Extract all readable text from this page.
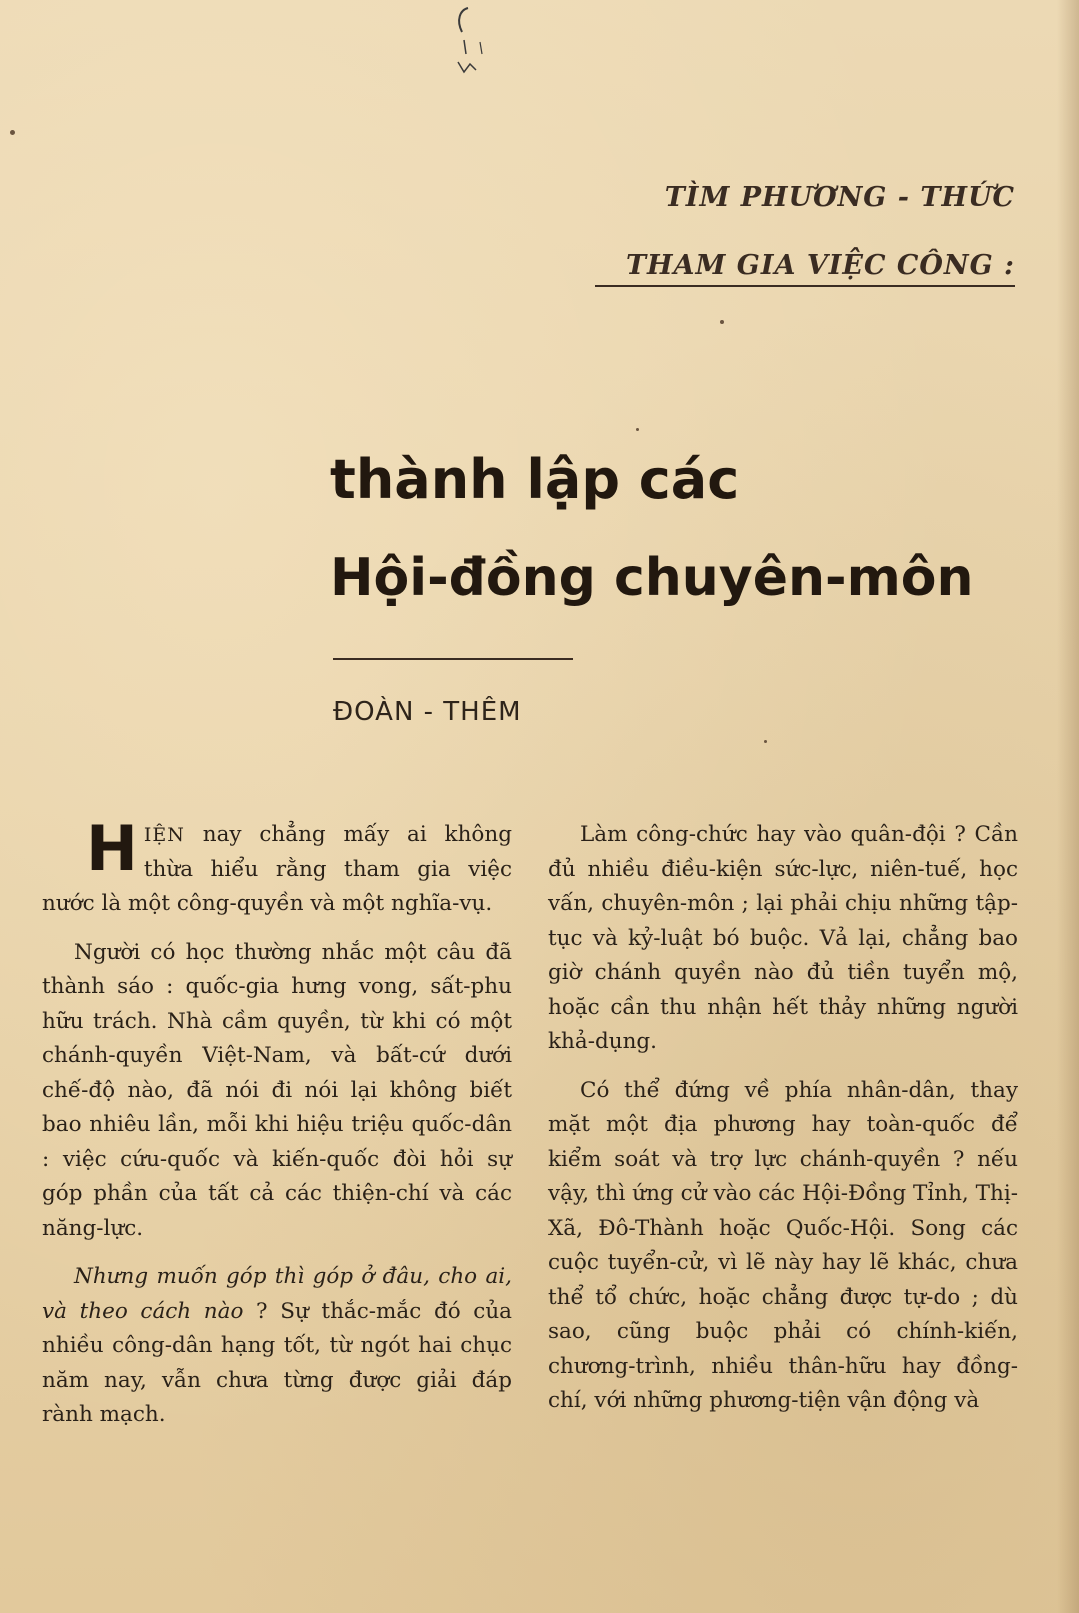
TÌM PHƯƠNG - THỨC
THAM GIA VIỆC CÔNG :
thành lập các
Hội-đồng chuyên-môn
ĐOÀN - THÊM

HIỆN nay chẳng mấy ai không thừa hiểu rằng tham gia việc nước là một công-quyền và một nghĩa-vụ.

Người có học thường nhắc một câu đã thành sáo : quốc-gia hưng vong, sất-phu hữu trách. Nhà cầm quyền, từ khi có một chánh-quyền Việt-Nam, và bất-cứ dưới chế-độ nào, đã nói đi nói lại không biết bao nhiêu lần, mỗi khi hiệu triệu quốc-dân : việc cứu-quốc và kiến-quốc đòi hỏi sự góp phần của tất cả các thiện-chí và các năng-lực.

Nhưng muốn góp thì góp ở đâu, cho ai, và theo cách nào ? Sự thắc-mắc đó của nhiều công-dân hạng tốt, từ ngót hai chục năm nay, vẫn chưa từng được giải đáp rành mạch.

Làm công-chức hay vào quân-đội ? Cần đủ nhiều điều-kiện sức-lực, niên-tuế, học vấn, chuyên-môn ; lại phải chịu những tập-tục và kỷ-luật bó buộc. Vả lại, chẳng bao giờ chánh quyền nào đủ tiền tuyển mộ, hoặc cần thu nhận hết thảy những người khả-dụng.

Có thể đứng về phía nhân-dân, thay mặt một địa phương hay toàn-quốc để kiểm soát và trợ lực chánh-quyền ? nếu vậy, thì ứng cử vào các Hội-Đồng Tỉnh, Thị-Xã, Đô-Thành hoặc Quốc-Hội. Song các cuộc tuyển-cử, vì lẽ này hay lẽ khác, chưa thể tổ chức, hoặc chẳng được tự-do ; dù sao, cũng buộc phải có chính-kiến, chương-trình, nhiều thân-hữu hay đồng-chí, với những phương-tiện vận động và
